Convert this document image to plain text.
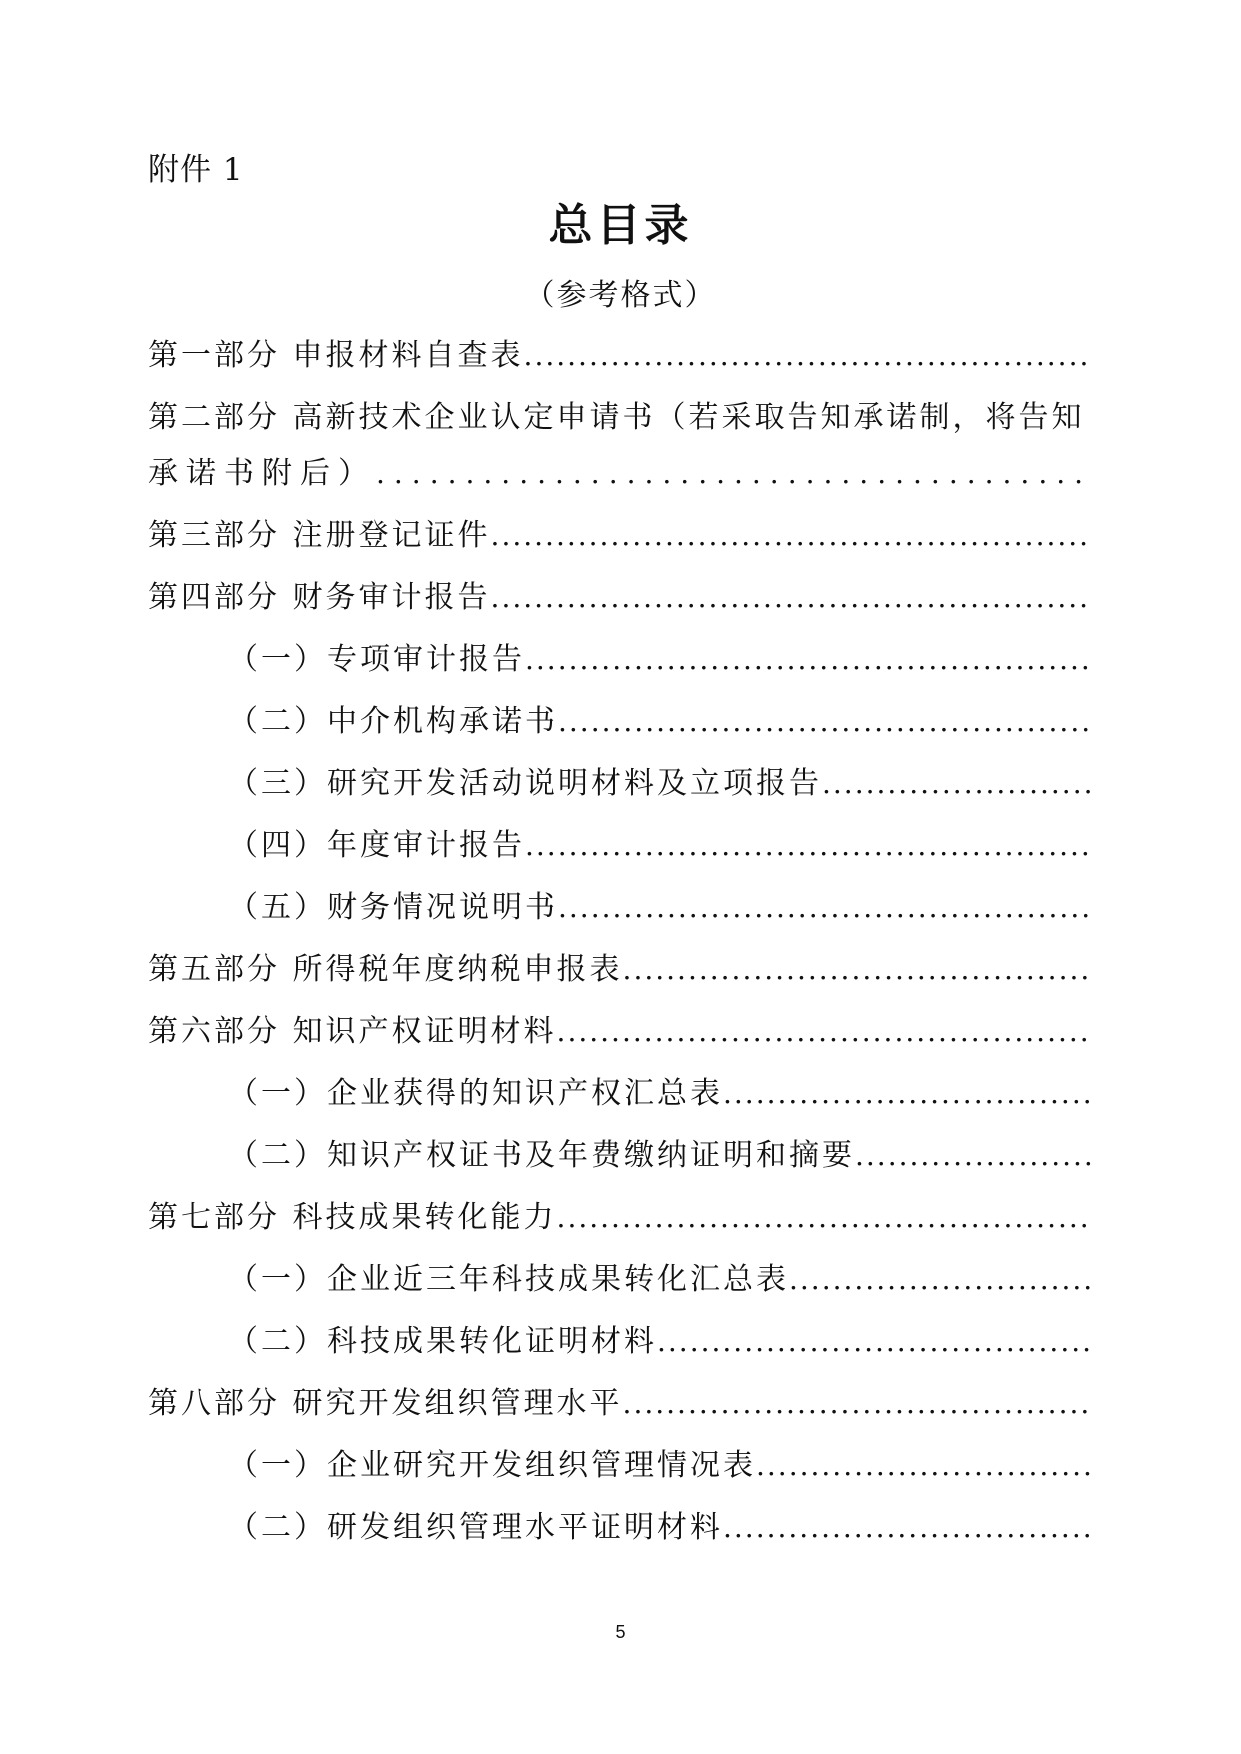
附件 1
总目录
（参考格式）
第一部分 申报材料自查表
.....
第二部分 高新技术企业认定申请书（若采取告知承诺制，将告知
承诺书附后）
.....
第三部分 注册登记证件
.....
第四部分 财务审计报告
.....
（一）专项审计报告
.....
（二）中介机构承诺书
.....
（三）研究开发活动说明材料及立项报告
.....
（四）年度审计报告
.....
（五）财务情况说明书
.....
第五部分 所得税年度纳税申报表
.....
第六部分 知识产权证明材料
.....
（一）企业获得的知识产权汇总表
.....
（二）知识产权证书及年费缴纳证明和摘要
.....
第七部分 科技成果转化能力
.....
（一）企业近三年科技成果转化汇总表
.....
（二）科技成果转化证明材料
.....
第八部分 研究开发组织管理水平
.....
（一）企业研究开发组织管理情况表
.....
（二）研发组织管理水平证明材料
.....
5
